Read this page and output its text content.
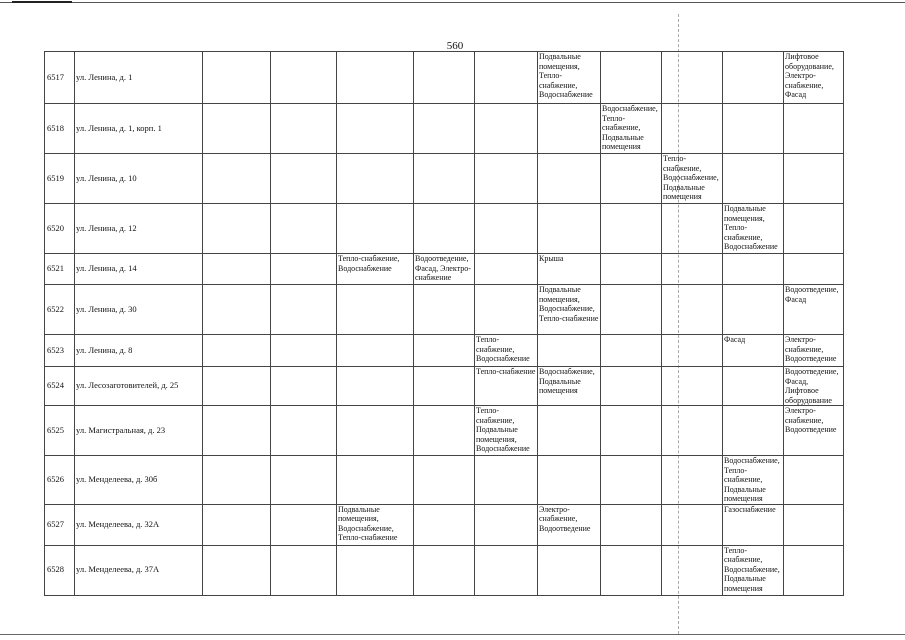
560
6517	ул. Ленина, д. 1						Подвальные помещения, Тепло-снабжение, Водоснабжение				Лифтовое оборудование, Электро-снабжение, Фасад
6518	ул. Ленина, д. 1, корп. 1							Водоснабжение, Тепло-снабжение, Подвальные помещения			
6519	ул. Ленина, д. 10								Тепло-снабжение, Водоснабжение, Подвальные помещения		
6520	ул. Ленина, д. 12									Подвальные помещения, Тепло-снабжение, Водоснабжение	
6521	ул. Ленина, д. 14			Тепло-снабжение, Водоснабжение	Водоотведение, Фасад, Электро-снабжение		Крыша				
6522	ул. Ленина, д. 30						Подвальные помещения, Водоснабжение, Тепло-снабжение				Водоотведение, Фасад
6523	ул. Ленина, д. 8					Тепло-снабжение, Водоснабжение				Фасад	Электро-снабжение, Водоотведение
6524	ул. Лесозаготовителей, д. 25					Тепло-снабжение	Водоснабжение, Подвальные помещения				Водоотведение, Фасад, Лифтовое оборудование
6525	ул. Магистральная, д. 23					Тепло-снабжение, Подвальные помещения, Водоснабжение					Электро-снабжение, Водоотведение
6526	ул. Менделеева, д. 30б									Водоснабжение, Тепло-снабжение, Подвальные помещения	
6527	ул. Менделеева, д. 32А			Подвальные помещения, Водоснабжение, Тепло-снабжение			Электро-снабжение, Водоотведение			Газоснабжение	
6528	ул. Менделеева, д. 37А									Тепло-снабжение, Водоснабжение, Подвальные помещения	
